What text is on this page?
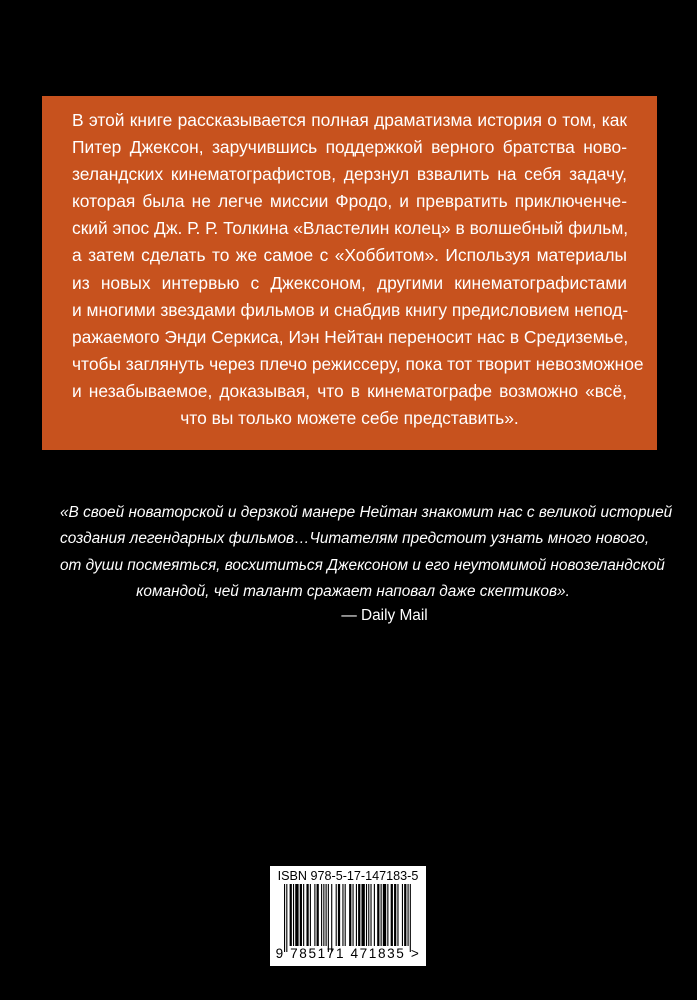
В этой книге рассказывается полная драматизма история о том, как
Питер Джексон, заручившись поддержкой верного братства ново-
зеландских кинематографистов, дерзнул взвалить на себя задачу,
которая была не легче миссии Фродо, и превратить приключенче-
ский эпос Дж. Р. Р. Толкина «Властелин колец» в волшебный фильм,
а затем сделать то же самое с «Хоббитом». Используя материалы
из новых интервью с Джексоном, другими кинематографистами
и многими звездами фильмов и снабдив книгу предисловием непод-
ражаемого Энди Серкиса, Иэн Нейтан переносит нас в Средиземье,
чтобы заглянуть через плечо режиссеру, пока тот творит невозможное
и незабываемое, доказывая, что в кинематографе возможно «всё,
что вы только можете себе представить».
«В своей новаторской и дерзкой манере Нейтан знакомит нас с великой историей
создания легендарных фильмов…Читателям предстоит узнать много нового,
от души посмеяться, восхититься Джексоном и его неутомимой новозеландской
командой, чей талант сражает наповал даже скептиков».
— Daily Mail
ISBN 978-5-17-147183-5
9 785171 471835 >
